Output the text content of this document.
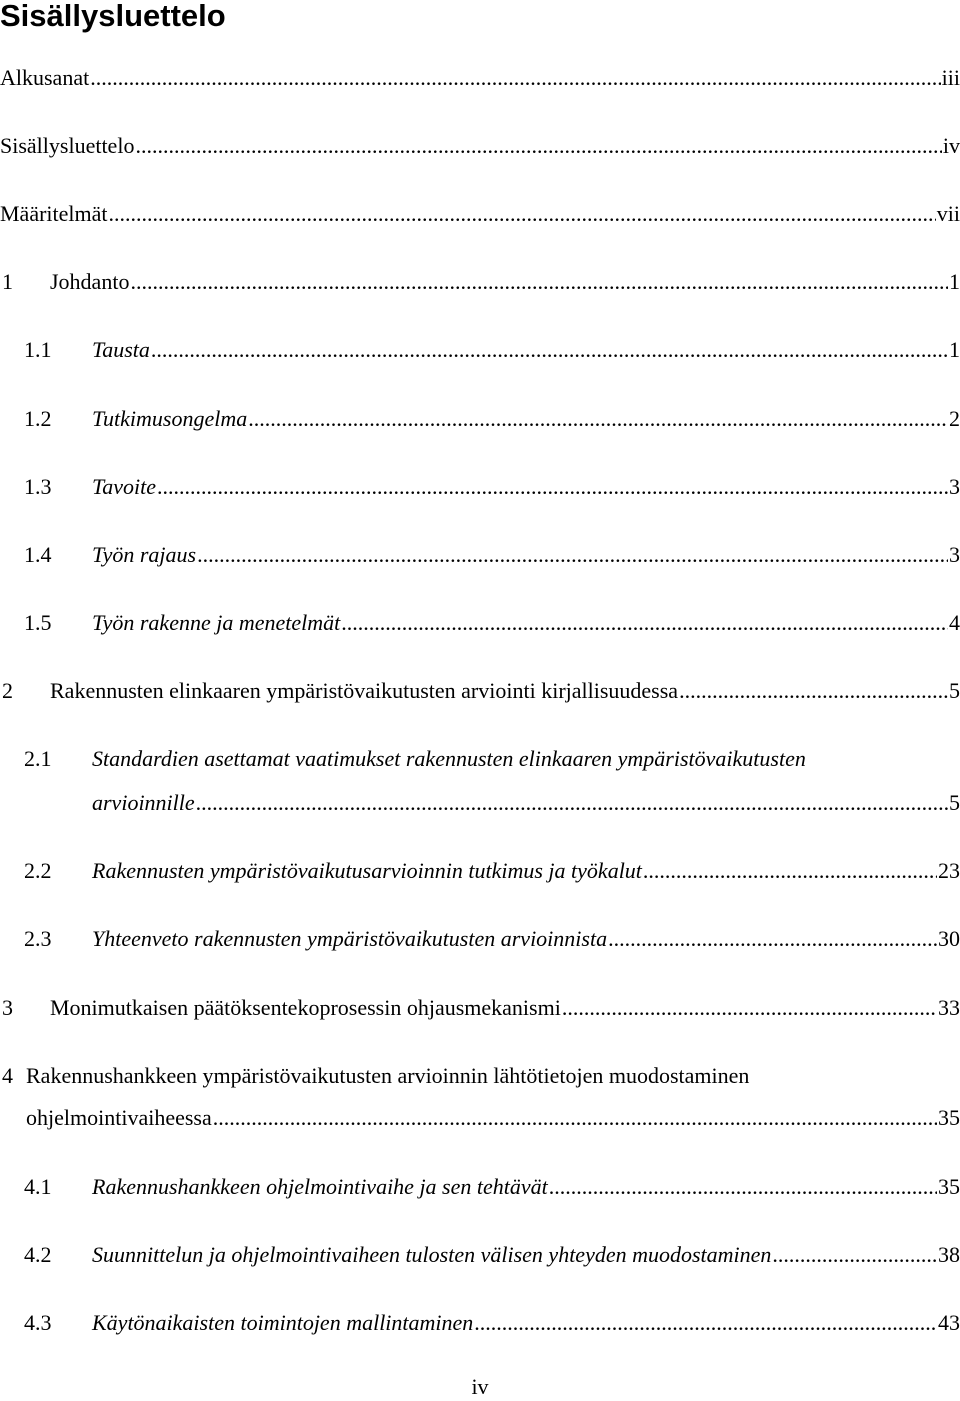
Sisällysluettelo
Alkusanat .....	iii
Sisällysluettelo .....	iv
Määritelmät .....	vii
1 Johdanto .....	1
1.1 Tausta .....	1
1.2 Tutkimusongelma .....	2
1.3 Tavoite .....	3
1.4 Työn rajaus .....	3
1.5 Työn rakenne ja menetelmät .....	4
2 Rakennusten elinkaaren ympäristövaikutusten arviointi kirjallisuudessa .....	5
2.1 Standardien asettamat vaatimukset rakennusten elinkaaren ympäristövaikutusten
arvioinnille .....	5
2.2 Rakennusten ympäristövaikutusarvioinnin tutkimus ja työkalut .....	23
2.3 Yhteenveto rakennusten ympäristövaikutusten arvioinnista .....	30
3 Monimutkaisen päätöksentekoprosessin ohjausmekanismi .....	33
4 Rakennushankkeen ympäristövaikutusten arvioinnin lähtötietojen muodostaminen
ohjelmointivaiheessa .....	35
4.1 Rakennushankkeen ohjelmointivaihe ja sen tehtävät .....	35
4.2 Suunnittelun ja ohjelmointivaiheen tulosten välisen yhteyden muodostaminen .....	38
4.3 Käytönaikaisten toimintojen mallintaminen .....	43
iv
